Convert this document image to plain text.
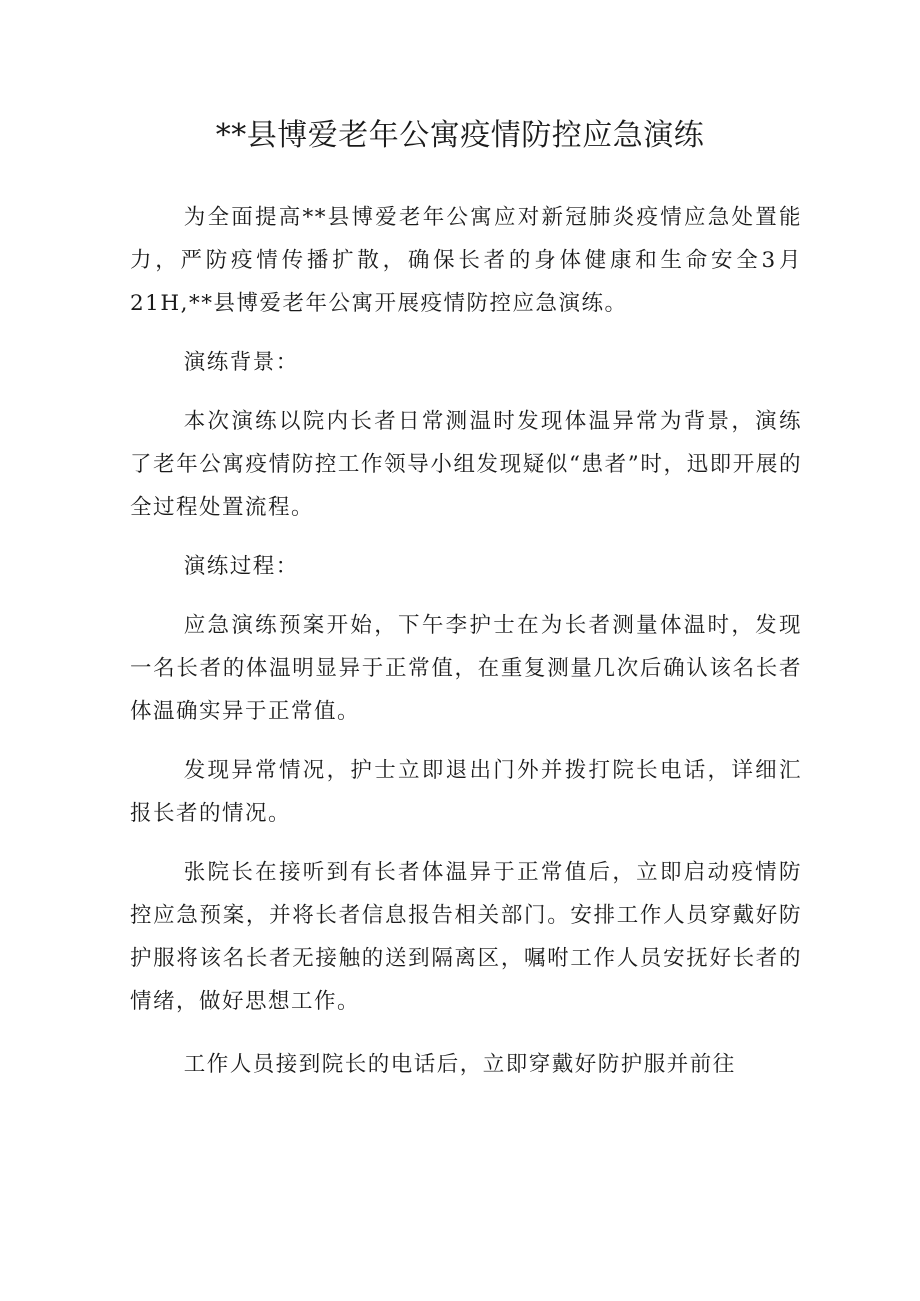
**县博爱老年公寓疫情防控应急演练

为全面提高**县博爱老年公寓应对新冠肺炎疫情应急处置能力，严防疫情传播扩散，确保长者的身体健康和生命安全3月21H,**县博爱老年公寓开展疫情防控应急演练。

演练背景：

本次演练以院内长者日常测温时发现体温异常为背景，演练了老年公寓疫情防控工作领导小组发现疑似“患者”时，迅即开展的全过程处置流程。

演练过程：

应急演练预案开始，下午李护士在为长者测量体温时，发现一名长者的体温明显异于正常值，在重复测量几次后确认该名长者体温确实异于正常值。

发现异常情况，护士立即退出门外并拨打院长电话，详细汇报长者的情况。

张院长在接听到有长者体温异于正常值后，立即启动疫情防控应急预案，并将长者信息报告相关部门。安排工作人员穿戴好防护服将该名长者无接触的送到隔离区，嘱咐工作人员安抚好长者的情绪，做好思想工作。

工作人员接到院长的电话后，立即穿戴好防护服并前往
